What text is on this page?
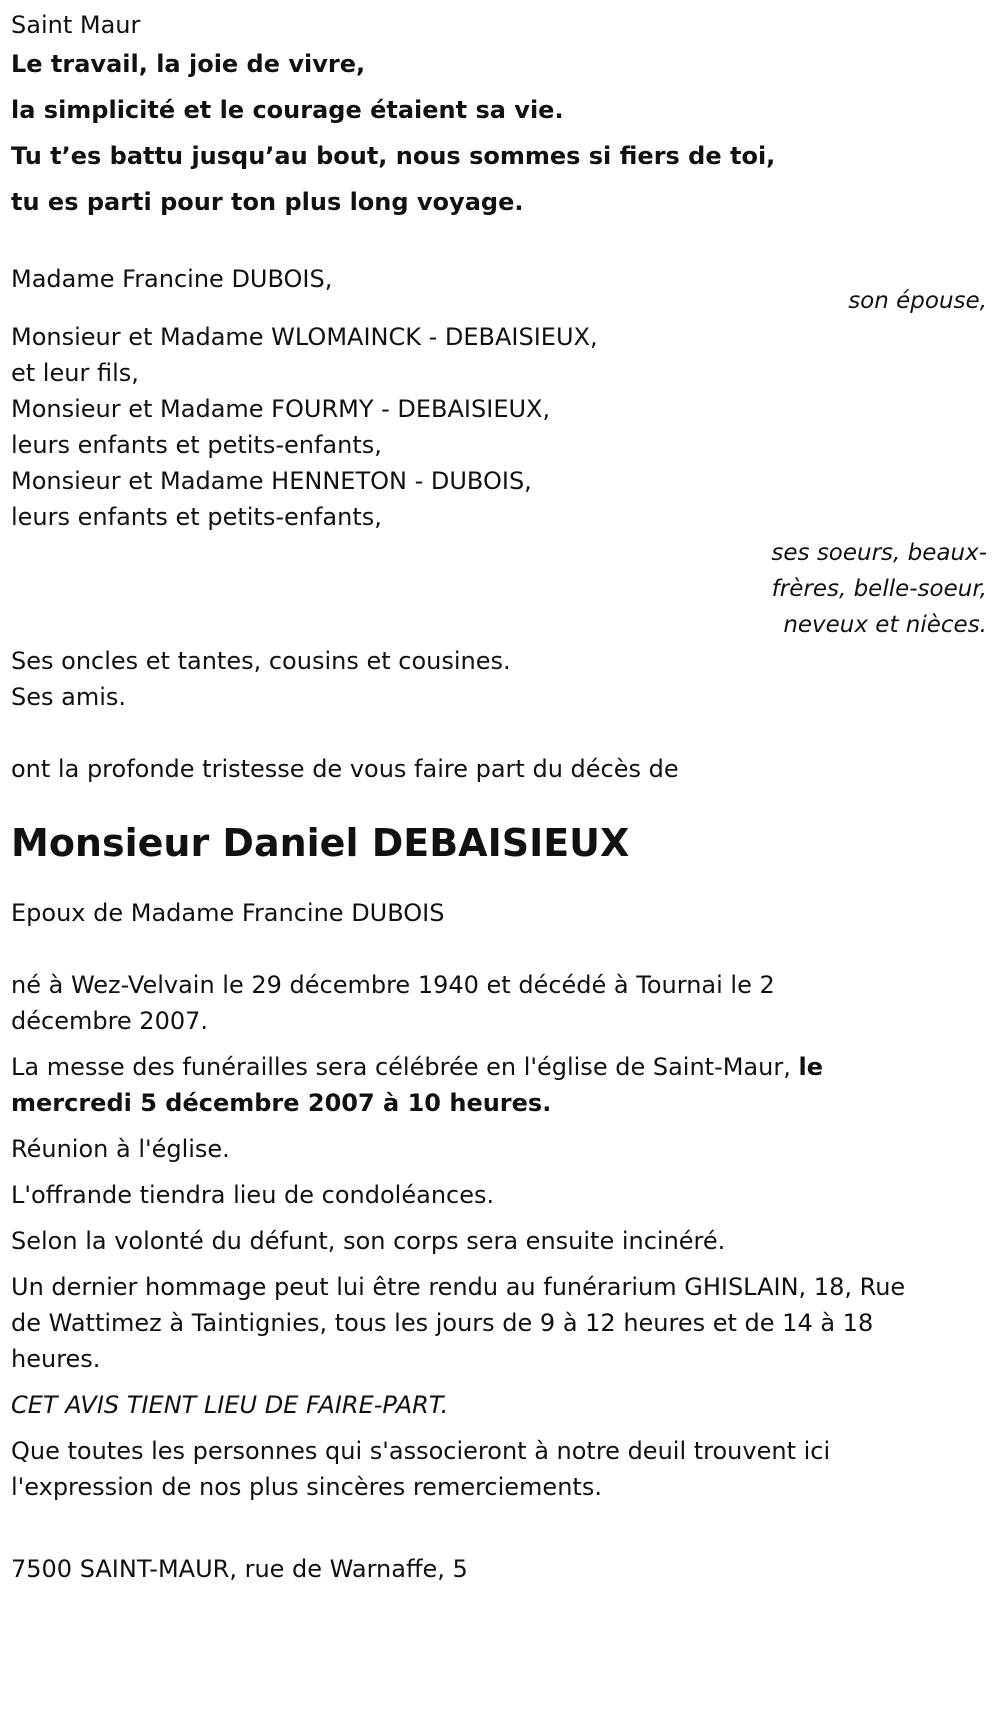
Saint Maur
Le travail, la joie de vivre,
la simplicité et le courage étaient sa vie.
Tu t’es battu jusqu’au bout, nous sommes si fiers de toi,
tu es parti pour ton plus long voyage.
Madame Francine DUBOIS,
son épouse,
Monsieur et Madame WLOMAINCK - DEBAISIEUX,
et leur fils,
Monsieur et Madame FOURMY - DEBAISIEUX,
leurs enfants et petits-enfants,
Monsieur et Madame HENNETON - DUBOIS,
leurs enfants et petits-enfants,
ses soeurs, beaux-
frères, belle-soeur,
neveux et nièces.
Ses oncles et tantes, cousins et cousines.
Ses amis.
ont la profonde tristesse de vous faire part du décès de
Monsieur Daniel DEBAISIEUX
Epoux de Madame Francine DUBOIS
né à Wez-Velvain le 29 décembre 1940 et décédé à Tournai le 2 décembre 2007.
La messe des funérailles sera célébrée en l'église de Saint-Maur, le mercredi 5 décembre 2007 à 10 heures.
Réunion à l'église.
L'offrande tiendra lieu de condoléances.
Selon la volonté du défunt, son corps sera ensuite incinéré.
Un dernier hommage peut lui être rendu au funérarium GHISLAIN, 18, Rue de Wattimez à Taintignies, tous les jours de 9 à 12 heures et de 14 à 18 heures.
CET AVIS TIENT LIEU DE FAIRE-PART.
Que toutes les personnes qui s'associeront à notre deuil trouvent ici l'expression de nos plus sincères remerciements.
7500 SAINT-MAUR, rue de Warnaffe, 5
